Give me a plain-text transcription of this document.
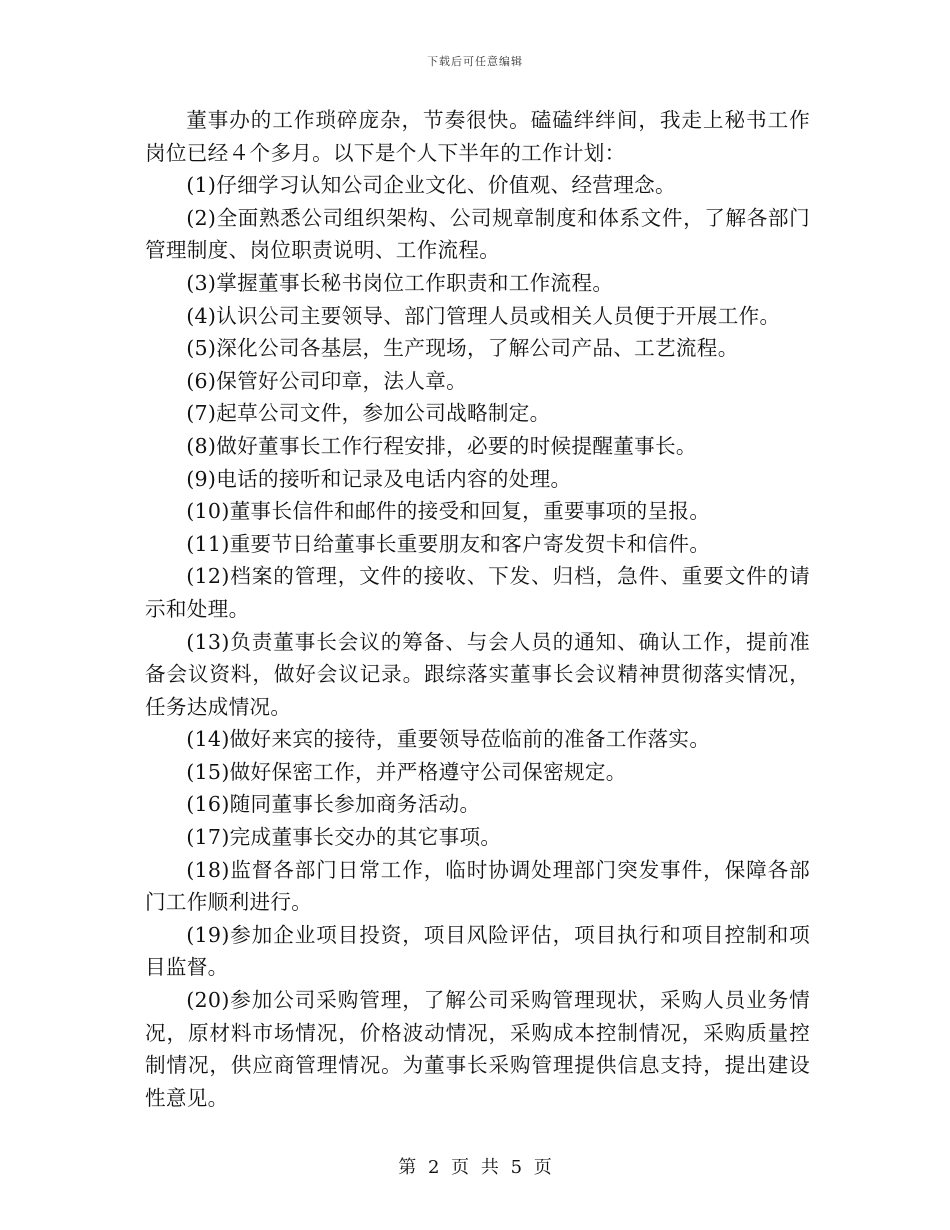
下载后可任意编辑

董事办的工作琐碎庞杂，节奏很快。磕磕绊绊间，我走上秘书工作岗位已经４个多月。以下是个人下半年的工作计划：

(1)仔细学习认知公司企业文化、价值观、经营理念。

(2)全面熟悉公司组织架构、公司规章制度和体系文件，了解各部门管理制度、岗位职责说明、工作流程。

(3)掌握董事长秘书岗位工作职责和工作流程。

(4)认识公司主要领导、部门管理人员或相关人员便于开展工作。

(5)深化公司各基层，生产现场，了解公司产品、工艺流程。

(6)保管好公司印章，法人章。

(7)起草公司文件，参加公司战略制定。

(8)做好董事长工作行程安排，必要的时候提醒董事长。

(9)电话的接听和记录及电话内容的处理。

(10)董事长信件和邮件的接受和回复，重要事项的呈报。

(11)重要节日给董事长重要朋友和客户寄发贺卡和信件。

(12)档案的管理，文件的接收、下发、归档，急件、重要文件的请示和处理。

(13)负责董事长会议的筹备、与会人员的通知、确认工作，提前准备会议资料，做好会议记录。跟综落实董事长会议精神贯彻落实情况，任务达成情况。

(14)做好来宾的接待，重要领导莅临前的准备工作落实。

(15)做好保密工作，并严格遵守公司保密规定。

(16)随同董事长参加商务活动。

(17)完成董事长交办的其它事项。

(18)监督各部门日常工作，临时协调处理部门突发事件，保障各部门工作顺利进行。

(19)参加企业项目投资，项目风险评估，项目执行和项目控制和项目监督。

(20)参加公司采购管理，了解公司采购管理现状，采购人员业务情况，原材料市场情况，价格波动情况，采购成本控制情况，采购质量控制情况，供应商管理情况。为董事长采购管理提供信息支持，提出建设性意见。

第 2 页 共 5 页
